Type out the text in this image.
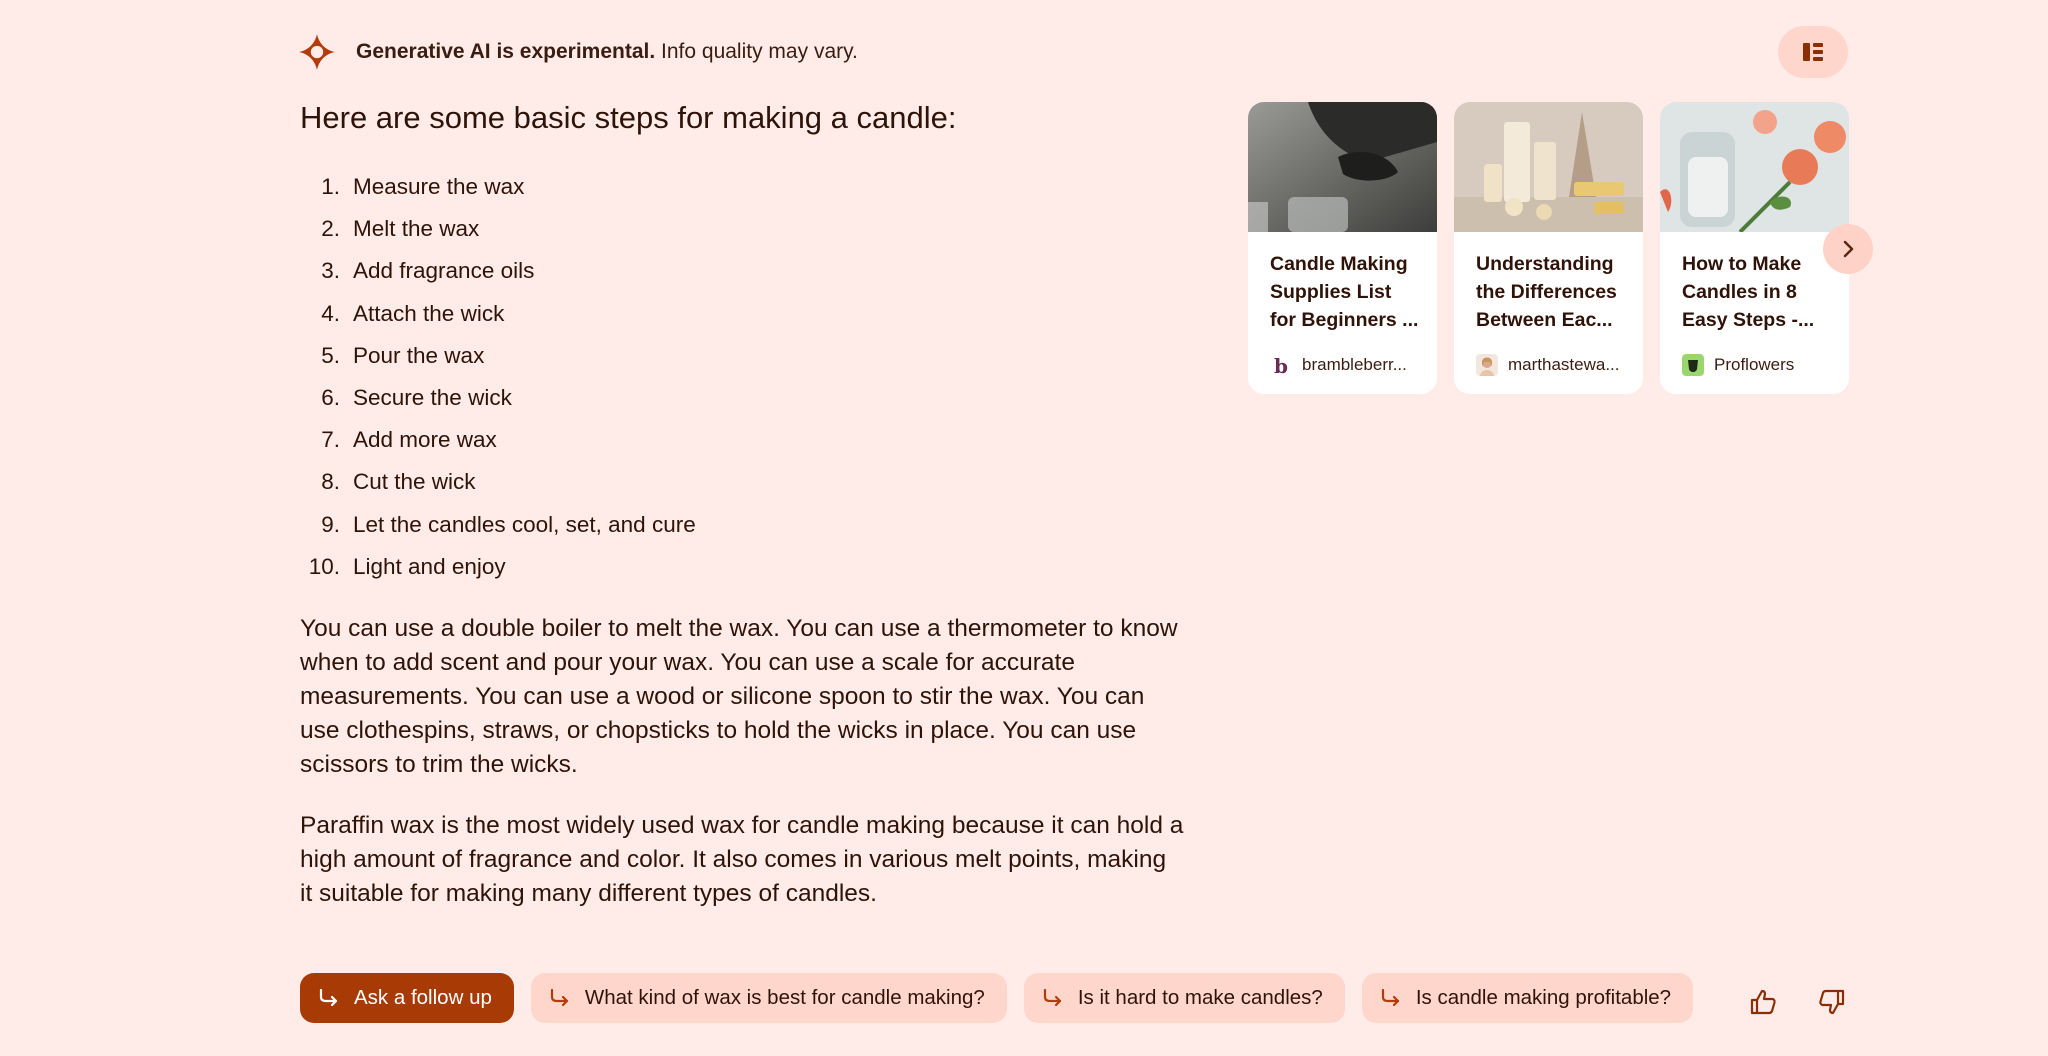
Generative AI is experimental. Info quality may vary.
Here are some basic steps for making a candle:
1. Measure the wax
2. Melt the wax
3. Add fragrance oils
4. Attach the wick
5. Pour the wax
6. Secure the wick
7. Add more wax
8. Cut the wick
9. Let the candles cool, set, and cure
10. Light and enjoy

You can use a double boiler to melt the wax. You can use a thermometer to know when to add scent and pour your wax. You can use a scale for accurate measurements. You can use a wood or silicone spoon to stir the wax. You can use clothespins, straws, or chopsticks to hold the wicks in place. You can use scissors to trim the wicks.

Paraffin wax is the most widely used wax for candle making because it can hold a high amount of fragrance and color. It also comes in various melt points, making it suitable for making many different types of candles.

Candle Making Supplies List for Beginners ...
b brambleberr...
Understanding the Differences Between Eac...
marthastewa...
How to Make Candles in 8 Easy Steps -...
Proflowers
Ask a follow up	What kind of wax is best for candle making?	Is it hard to make candles?	Is candle making profitable?
